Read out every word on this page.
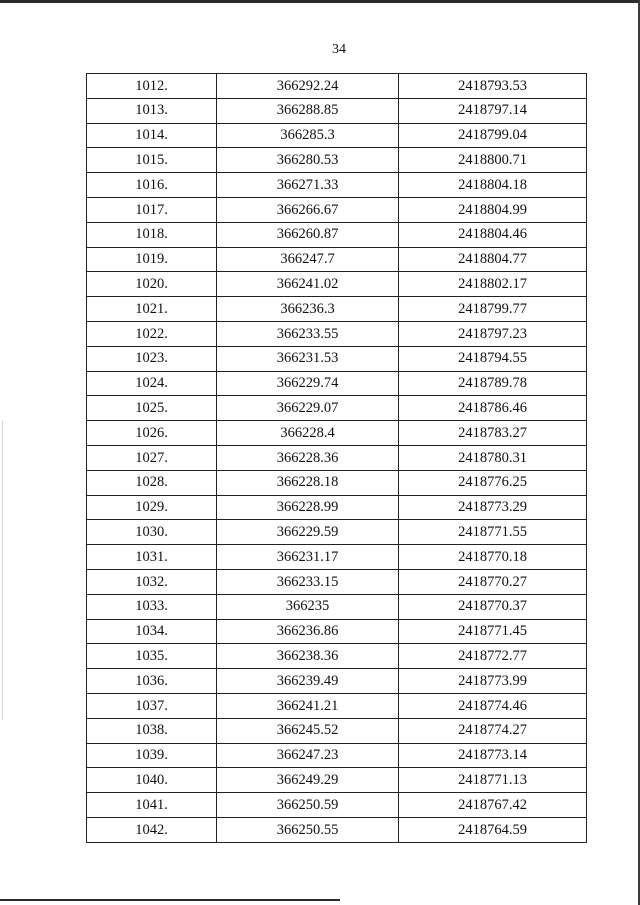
34
1012.	366292.24	2418793.53
1013.	366288.85	2418797.14
1014.	366285.3	2418799.04
1015.	366280.53	2418800.71
1016.	366271.33	2418804.18
1017.	366266.67	2418804.99
1018.	366260.87	2418804.46
1019.	366247.7	2418804.77
1020.	366241.02	2418802.17
1021.	366236.3	2418799.77
1022.	366233.55	2418797.23
1023.	366231.53	2418794.55
1024.	366229.74	2418789.78
1025.	366229.07	2418786.46
1026.	366228.4	2418783.27
1027.	366228.36	2418780.31
1028.	366228.18	2418776.25
1029.	366228.99	2418773.29
1030.	366229.59	2418771.55
1031.	366231.17	2418770.18
1032.	366233.15	2418770.27
1033.	366235	2418770.37
1034.	366236.86	2418771.45
1035.	366238.36	2418772.77
1036.	366239.49	2418773.99
1037.	366241.21	2418774.46
1038.	366245.52	2418774.27
1039.	366247.23	2418773.14
1040.	366249.29	2418771.13
1041.	366250.59	2418767.42
1042.	366250.55	2418764.59
